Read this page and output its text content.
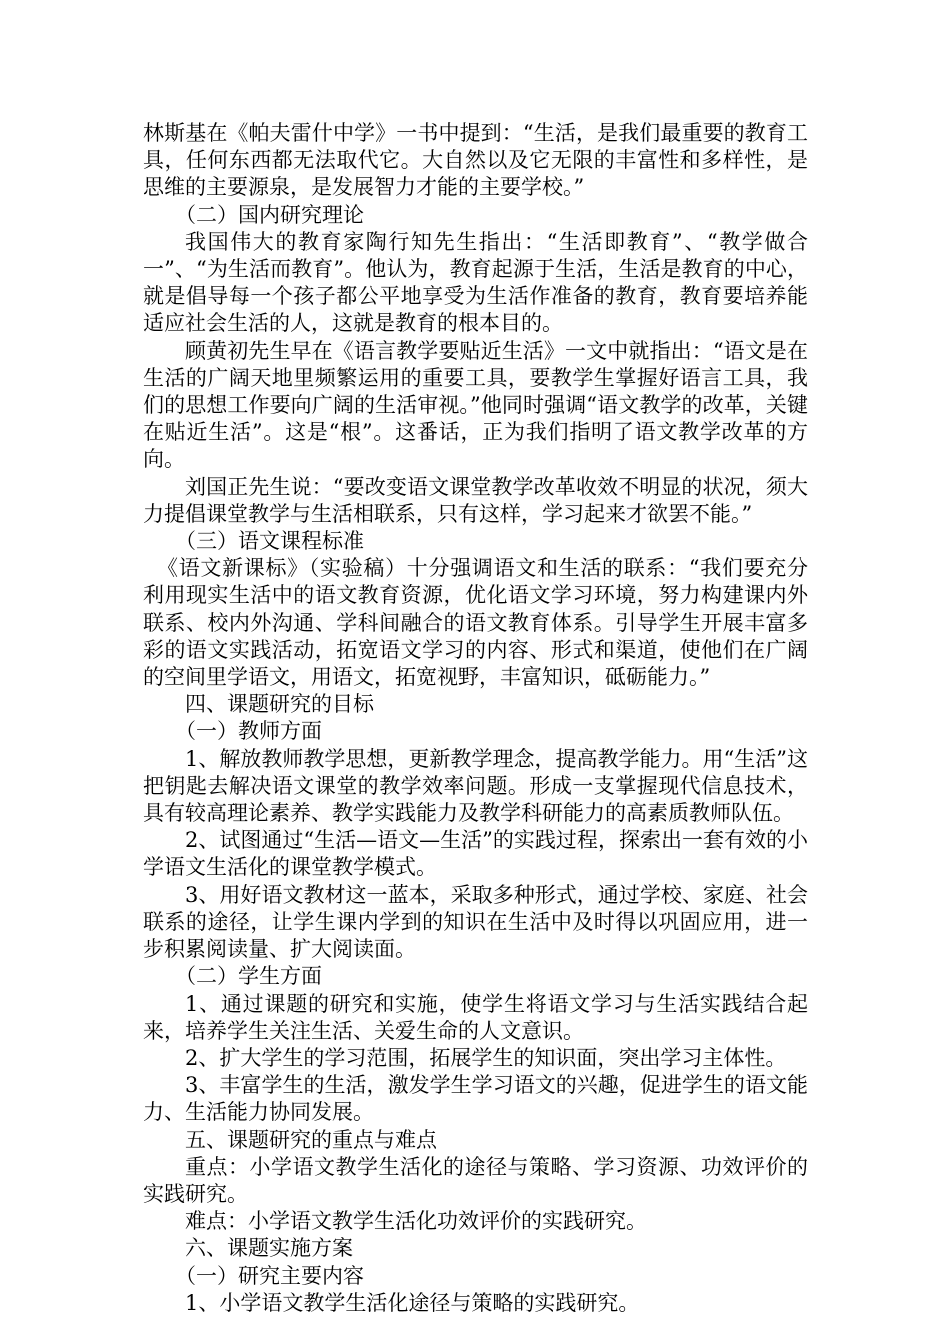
林斯基在《帕夫雷什中学》一书中提到：“生活，是我们最重要的教育工具，任何东西都无法取代它。大自然以及它无限的丰富性和多样性，是思维的主要源泉，是发展智力才能的主要学校。”

（二）国内研究理论

我国伟大的教育家陶行知先生指出：“生活即教育”、“教学做合一”、“为生活而教育”。他认为，教育起源于生活，生活是教育的中心，就是倡导每一个孩子都公平地享受为生活作准备的教育，教育要培养能适应社会生活的人，这就是教育的根本目的。

顾黄初先生早在《语言教学要贴近生活》一文中就指出：“语文是在生活的广阔天地里频繁运用的重要工具，要教学生掌握好语言工具，我们的思想工作要向广阔的生活审视。”他同时强调“语文教学的改革，关键在贴近生活”。这是“根”。这番话，正为我们指明了语文教学改革的方向。

刘国正先生说：“要改变语文课堂教学改革收效不明显的状况，须大力提倡课堂教学与生活相联系，只有这样，学习起来才欲罢不能。”

（三）语文课程标准

《语文新课标》（实验稿）十分强调语文和生活的联系：“我们要充分利用现实生活中的语文教育资源，优化语文学习环境，努力构建课内外联系、校内外沟通、学科间融合的语文教育体系。引导学生开展丰富多彩的语文实践活动，拓宽语文学习的内容、形式和渠道，使他们在广阔的空间里学语文，用语文，拓宽视野，丰富知识，砥砺能力。”

四、课题研究的目标

（一）教师方面

1、解放教师教学思想，更新教学理念，提高教学能力。用“生活”这把钥匙去解决语文课堂的教学效率问题。形成一支掌握现代信息技术，具有较高理论素养、教学实践能力及教学科研能力的高素质教师队伍。

2、试图通过“生活—语文—生活”的实践过程，探索出一套有效的小学语文生活化的课堂教学模式。

3、用好语文教材这一蓝本，采取多种形式，通过学校、家庭、社会联系的途径，让学生课内学到的知识在生活中及时得以巩固应用，进一步积累阅读量、扩大阅读面。

（二）学生方面

1、通过课题的研究和实施，使学生将语文学习与生活实践结合起来，培养学生关注生活、关爱生命的人文意识。

2、扩大学生的学习范围，拓展学生的知识面，突出学习主体性。

3、丰富学生的生活，激发学生学习语文的兴趣，促进学生的语文能力、生活能力协同发展。

五、课题研究的重点与难点

重点：小学语文教学生活化的途径与策略、学习资源、功效评价的实践研究。

难点：小学语文教学生活化功效评价的实践研究。

六、课题实施方案

（一）研究主要内容

1、小学语文教学生活化途径与策略的实践研究。
